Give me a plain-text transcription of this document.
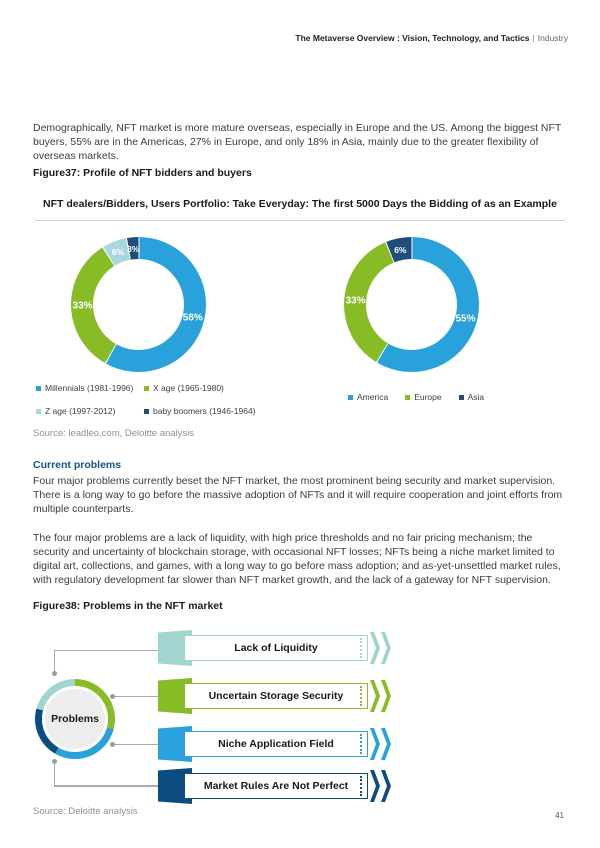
The Metaverse Overview : Vision, Technology, and Tactics | Industry
Demographically, NFT market is more mature overseas, especially in Europe and the US. Among the biggest NFT buyers, 55% are in the Americas, 27% in Europe, and only 18% in Asia, mainly due to the greater flexibility of overseas markets.
Figure37: Profile of NFT bidders and buyers
NFT dealers/Bidders, Users Portfolio: Take Everyday: The first 5000 Days the Bidding of as an Example
58%
33%
6% 3%
55%
33%
6%
Millennials (1981-1996) X age (1965-1980)
Z age (1997-2012)	baby boomers (1946-1964)
America	Europe	Asia
Source: leadleo.com, Deloitte analysis
Current problems
Four major problems currently beset the NFT market, the most prominent being security and market supervision. There is a long way to go before the massive adoption of NFTs and it will require cooperation and joint efforts from multiple counterparts.
The four major problems are a lack of liquidity, with high price thresholds and no fair pricing mechanism; the security and uncertainty of blockchain storage, with occasional NFT losses; NFTs being a niche market limited to digital art, collections, and games, with a long way to go before mass adoption; and as-yet-unsettled market rules, with regulatory development far slower than NFT market growth, and the lack of a gateway for NFT supervision.
Figure38: Problems in the NFT market
Problems
Lack of Liquidity
Uncertain Storage Security
Niche Application Field
Market Rules Are Not Perfect
Source: Deloitte analysis	41
